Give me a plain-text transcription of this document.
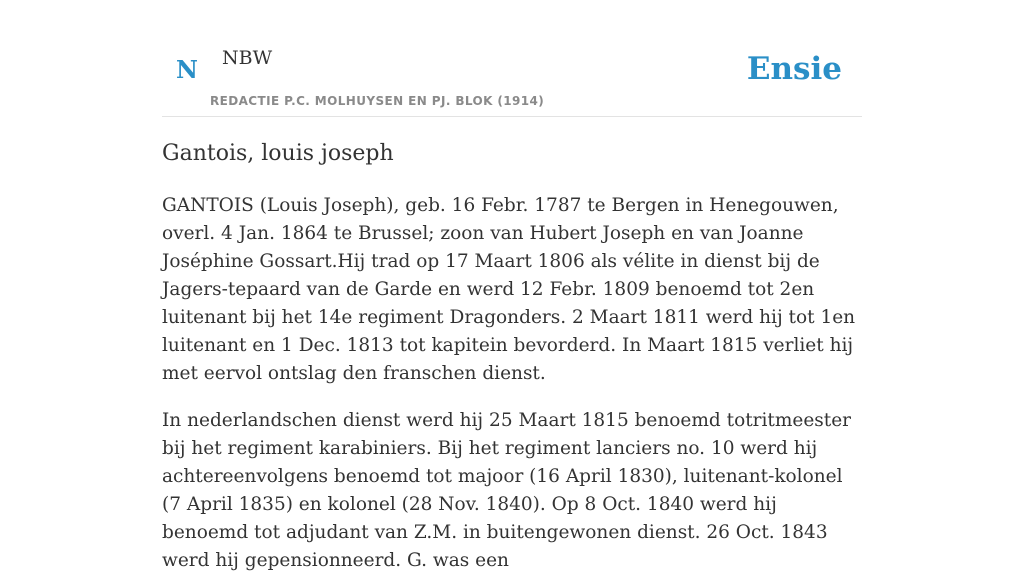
N NBW
REDACTIE P.C. MOLHUYSEN EN PJ. BLOK (1914)
Ensie
Gantois, louis joseph

GANTOIS (Louis Joseph), geb. 16 Febr. 1787 te Bergen in Henegouwen, overl. 4 Jan. 1864 te Brussel; zoon van Hubert Joseph en van Joanne Joséphine Gossart.Hij trad op 17 Maart 1806 als vélite in dienst bij de Jagers-tepaard van de Garde en werd 12 Febr. 1809 benoemd tot 2en luitenant bij het 14e regiment Dragonders. 2 Maart 1811 werd hij tot 1en luitenant en 1 Dec. 1813 tot kapitein bevorderd. In Maart 1815 verliet hij met eervol ontslag den franschen dienst.

In nederlandschen dienst werd hij 25 Maart 1815 benoemd totritmeester bij het regiment karabiniers. Bij het regiment lanciers no. 10 werd hij achtereenvolgens benoemd tot majoor (16 April 1830), luitenant-kolonel (7 April 1835) en kolonel (28 Nov. 1840). Op 8 Oct. 1840 werd hij benoemd tot adjudant van Z.M. in buitengewonen dienst. 26 Oct. 1843 werd hij gepensionneerd. G. was een
